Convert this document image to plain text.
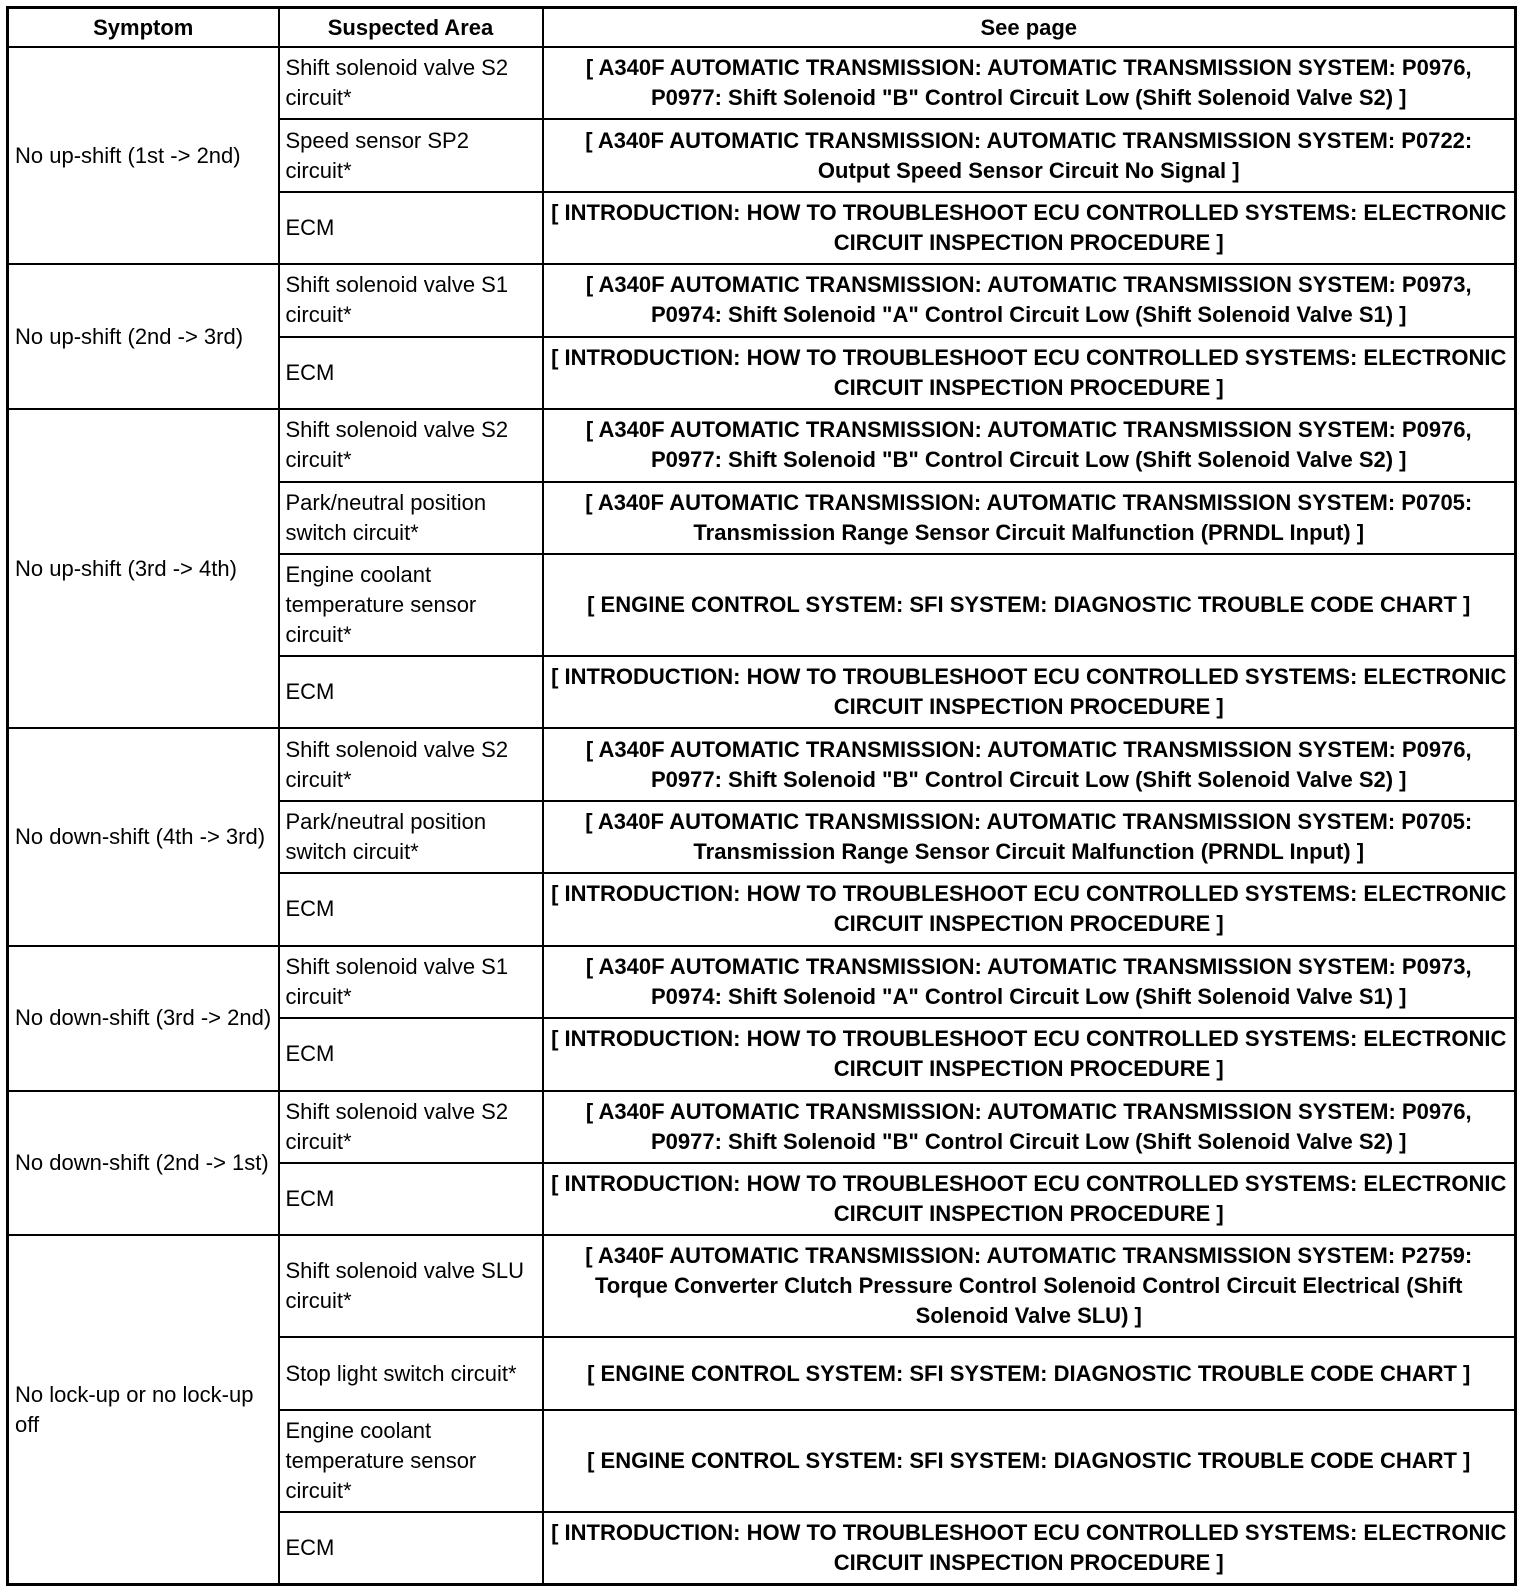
Symptom	Suspected Area	See page
No up-shift (1st -> 2nd)	Shift solenoid valve S2 circuit*	[ A340F AUTOMATIC TRANSMISSION: AUTOMATIC TRANSMISSION SYSTEM: P0976, P0977: Shift Solenoid "B" Control Circuit Low (Shift Solenoid Valve S2) ]
	Speed sensor SP2 circuit*	[ A340F AUTOMATIC TRANSMISSION: AUTOMATIC TRANSMISSION SYSTEM: P0722: Output Speed Sensor Circuit No Signal ]
	ECM	[ INTRODUCTION: HOW TO TROUBLESHOOT ECU CONTROLLED SYSTEMS: ELECTRONIC CIRCUIT INSPECTION PROCEDURE ]
No up-shift (2nd -> 3rd)	Shift solenoid valve S1 circuit*	[ A340F AUTOMATIC TRANSMISSION: AUTOMATIC TRANSMISSION SYSTEM: P0973, P0974: Shift Solenoid "A" Control Circuit Low (Shift Solenoid Valve S1) ]
	ECM	[ INTRODUCTION: HOW TO TROUBLESHOOT ECU CONTROLLED SYSTEMS: ELECTRONIC CIRCUIT INSPECTION PROCEDURE ]
No up-shift (3rd -> 4th)	Shift solenoid valve S2 circuit*	[ A340F AUTOMATIC TRANSMISSION: AUTOMATIC TRANSMISSION SYSTEM: P0976, P0977: Shift Solenoid "B" Control Circuit Low (Shift Solenoid Valve S2) ]
	Park/neutral position switch circuit*	[ A340F AUTOMATIC TRANSMISSION: AUTOMATIC TRANSMISSION SYSTEM: P0705: Transmission Range Sensor Circuit Malfunction (PRNDL Input) ]
	Engine coolant temperature sensor circuit*	[ ENGINE CONTROL SYSTEM: SFI SYSTEM: DIAGNOSTIC TROUBLE CODE CHART ]
	ECM	[ INTRODUCTION: HOW TO TROUBLESHOOT ECU CONTROLLED SYSTEMS: ELECTRONIC CIRCUIT INSPECTION PROCEDURE ]
No down-shift (4th -> 3rd)	Shift solenoid valve S2 circuit*	[ A340F AUTOMATIC TRANSMISSION: AUTOMATIC TRANSMISSION SYSTEM: P0976, P0977: Shift Solenoid "B" Control Circuit Low (Shift Solenoid Valve S2) ]
	Park/neutral position switch circuit*	[ A340F AUTOMATIC TRANSMISSION: AUTOMATIC TRANSMISSION SYSTEM: P0705: Transmission Range Sensor Circuit Malfunction (PRNDL Input) ]
	ECM	[ INTRODUCTION: HOW TO TROUBLESHOOT ECU CONTROLLED SYSTEMS: ELECTRONIC CIRCUIT INSPECTION PROCEDURE ]
No down-shift (3rd -> 2nd)	Shift solenoid valve S1 circuit*	[ A340F AUTOMATIC TRANSMISSION: AUTOMATIC TRANSMISSION SYSTEM: P0973, P0974: Shift Solenoid "A" Control Circuit Low (Shift Solenoid Valve S1) ]
	ECM	[ INTRODUCTION: HOW TO TROUBLESHOOT ECU CONTROLLED SYSTEMS: ELECTRONIC CIRCUIT INSPECTION PROCEDURE ]
No down-shift (2nd -> 1st)	Shift solenoid valve S2 circuit*	[ A340F AUTOMATIC TRANSMISSION: AUTOMATIC TRANSMISSION SYSTEM: P0976, P0977: Shift Solenoid "B" Control Circuit Low (Shift Solenoid Valve S2) ]
	ECM	[ INTRODUCTION: HOW TO TROUBLESHOOT ECU CONTROLLED SYSTEMS: ELECTRONIC CIRCUIT INSPECTION PROCEDURE ]
No lock-up or no lock-up off	Shift solenoid valve SLU circuit*	[ A340F AUTOMATIC TRANSMISSION: AUTOMATIC TRANSMISSION SYSTEM: P2759: Torque Converter Clutch Pressure Control Solenoid Control Circuit Electrical (Shift Solenoid Valve SLU) ]
	Stop light switch circuit*	[ ENGINE CONTROL SYSTEM: SFI SYSTEM: DIAGNOSTIC TROUBLE CODE CHART ]
	Engine coolant temperature sensor circuit*	[ ENGINE CONTROL SYSTEM: SFI SYSTEM: DIAGNOSTIC TROUBLE CODE CHART ]
	ECM	[ INTRODUCTION: HOW TO TROUBLESHOOT ECU CONTROLLED SYSTEMS: ELECTRONIC CIRCUIT INSPECTION PROCEDURE ]
